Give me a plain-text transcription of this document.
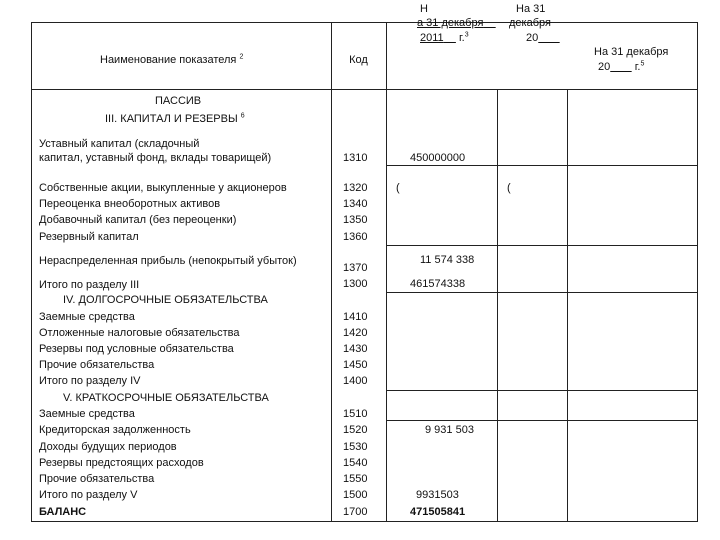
Наименование показателя $^2$	Код
Н
а 31 декабря
2011 г.$^3$
На 31
декабря
20
На 31 декабря
20 г.$^5$
ПАССИВ
III. КАПИТАЛ И РЕЗЕРВЫ $^6$
IV. ДОЛГОСРОЧНЫЕ ОБЯЗАТЕЛЬСТВА
V. КРАТКОСРОЧНЫЕ ОБЯЗАТЕЛЬСТВА
Уставный капитал (складочный
капитал, уставный фонд, вклады товарищей)
Собственные акции, выкупленные у акционеров
Переоценка внеоборотных активов
Добавочный капитал (без переоценки)
Резервный капитал
Нераспределенная прибыль (непокрытый убыток)
Итого по разделу III
Заемные средства
Отложенные налоговые обязательства
Резервы под условные обязательства
Прочие обязательства
Итого по разделу IV
Заемные средства
Кредиторская задолженность
Доходы будущих периодов
Резервы предстоящих расходов
Прочие обязательства
Итого по разделу V
БАЛАНС
1310
1320
1340
1350
1360
1370
1300
1410
1420
1430
1450
1400
1510
1520
1530
1540
1550
1500
1700
450000000
(	(
11 574 338
461574338
9 931 503
9931503
471505841
